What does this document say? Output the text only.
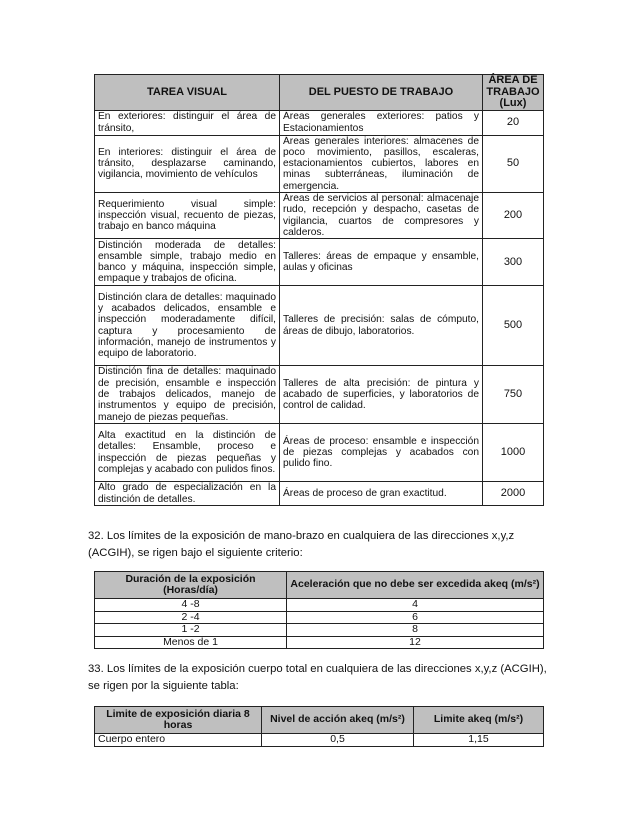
TAREA VISUAL	DEL PUESTO DE TRABAJO	ÁREA DE TRABAJO (Lux)
En exteriores: distinguir el área de tránsito,	Áreas generales exteriores: patios y Estacionamientos	20
En interiores: distinguir el área de tránsito, desplazarse caminando, vigilancia, movimiento de vehículos	Áreas generales interiores: almacenes de poco movimiento, pasillos, escaleras, estacionamientos cubiertos, labores en minas subterráneas, iluminación de emergencia.	50
Requerimiento visual simple: inspección visual, recuento de piezas, trabajo en banco máquina	Áreas de servicios al personal: almacenaje rudo, recepción y despacho, casetas de vigilancia, cuartos de compresores y calderos.	200
Distinción moderada de detalles: ensamble simple, trabajo medio en banco y máquina, inspección simple, empaque y trabajos de oficina.	Talleres: áreas de empaque y ensamble, aulas y oficinas	300
Distinción clara de detalles: maquinado y acabados delicados, ensamble e inspección moderadamente difícil, captura y procesamiento de información, manejo de instrumentos y equipo de laboratorio.	Talleres de precisión: salas de cómputo, áreas de dibujo, laboratorios.	500
Distinción fina de detalles: maquinado de precisión, ensamble e inspección de trabajos delicados, manejo de instrumentos y equipo de precisión, manejo de piezas pequeñas.	Talleres de alta precisión: de pintura y acabado de superficies, y laboratorios de control de calidad.	750
Alta exactitud en la distinción de detalles: Ensamble, proceso e inspección de piezas pequeñas y complejas y acabado con pulidos finos.	Áreas de proceso: ensamble e inspección de piezas complejas y acabados con pulido fino.	1000
Alto grado de especialización en la distinción de detalles.	Áreas de proceso de gran exactitud.	2000
32. Los límites de la exposición de mano-brazo en cualquiera de las direcciones x,y,z (ACGIH), se rigen bajo el siguiente criterio:
Duración de la exposición (Horas/día)	Aceleración que no debe ser excedida akeq (m/s²)
4 -8	4
2 -4	6
1 -2	8
Menos de 1	12
33. Los límites de la exposición cuerpo total en cualquiera de las direcciones x,y,z (ACGIH), se rigen por la siguiente tabla:
Limite de exposición diaria 8 horas	Nivel de acción akeq (m/s²)	Limite akeq (m/s²)
Cuerpo entero	0,5	1,15
